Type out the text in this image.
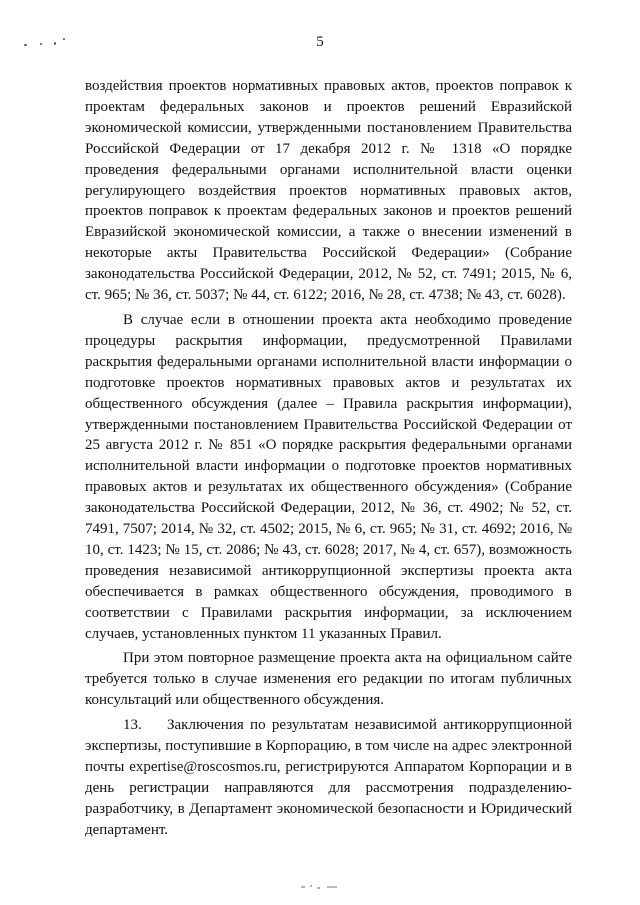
5

воздействия проектов нормативных правовых актов, проектов поправок к проектам федеральных законов и проектов решений Евразийской экономической комиссии, утвержденными постановлением Правительства Российской Федерации от 17 декабря 2012 г. № 1318 «О порядке проведения федеральными органами исполнительной власти оценки регулирующего воздействия проектов нормативных правовых актов, проектов поправок к проектам федеральных законов и проектов решений Евразийской экономической комиссии, а также о внесении изменений в некоторые акты Правительства Российской Федерации» (Собрание законодательства Российской Федерации, 2012, № 52, ст. 7491; 2015, № 6, ст. 965; № 36, ст. 5037; № 44, ст. 6122; 2016, № 28, ст. 4738; № 43, ст. 6028).

В случае если в отношении проекта акта необходимо проведение процедуры раскрытия информации, предусмотренной Правилами раскрытия федеральными органами исполнительной власти информации о подготовке проектов нормативных правовых актов и результатах их общественного обсуждения (далее – Правила раскрытия информации), утвержденными постановлением Правительства Российской Федерации от 25 августа 2012 г. № 851 «О порядке раскрытия федеральными органами исполнительной власти информации о подготовке проектов нормативных правовых актов и результатах их общественного обсуждения» (Собрание законодательства Российской Федерации, 2012, № 36, ст. 4902; № 52, ст. 7491, 7507; 2014, № 32, ст. 4502; 2015, № 6, ст. 965; № 31, ст. 4692; 2016, № 10, ст. 1423; № 15, ст. 2086; № 43, ст. 6028; 2017, № 4, ст. 657), возможность проведения независимой антикоррупционной экспертизы проекта акта обеспечивается в рамках общественного обсуждения, проводимого в соответствии с Правилами раскрытия информации, за исключением случаев, установленных пунктом 11 указанных Правил.

При этом повторное размещение проекта акта на официальном сайте требуется только в случае изменения его редакции по итогам публичных консультаций или общественного обсуждения.

13.    Заключения по результатам независимой антикоррупционной экспертизы, поступившие в Корпорацию, в том числе на адрес электронной почты expertise@roscosmos.ru, регистрируются Аппаратом Корпорации и в день регистрации направляются для рассмотрения подразделению-разработчику, в Департамент экономической безопасности и Юридический департамент.
